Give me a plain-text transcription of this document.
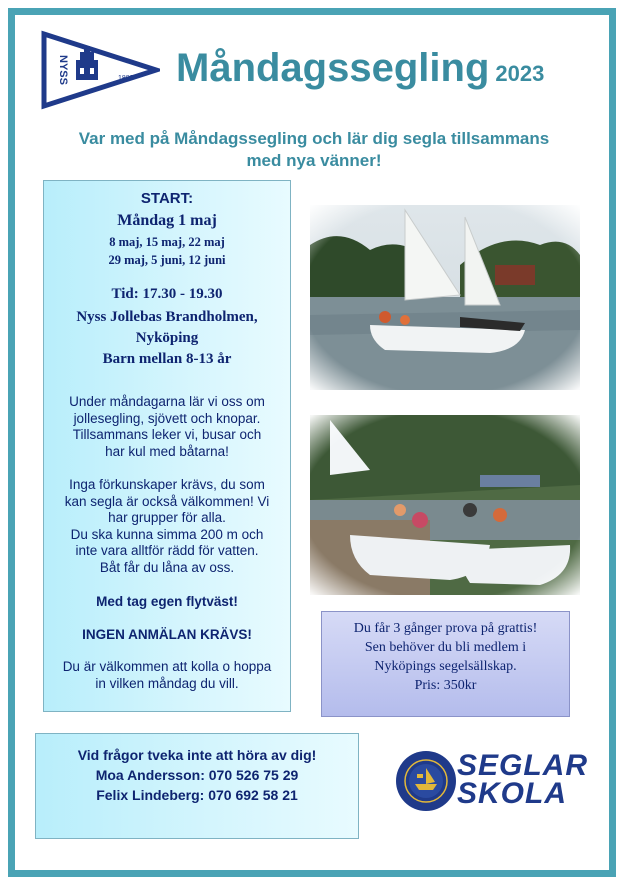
NYSS	1889 Måndagssegling 2023
Var med på Måndagssegling och lär dig segla tillsammans
med nya vänner!
START:
Måndag 1 maj
8 maj, 15 maj, 22 maj
29 maj, 5 juni, 12 juni
Tid: 17.30 - 19.30
Nyss Jollebas Brandholmen,
Nyköping
Barn mellan 8-13 år
Under måndagarna lär vi oss om
jollesegling, sjövett och knopar.
Tillsammans leker vi, busar och
har kul med båtarna!
Inga förkunskaper krävs, du som
kan segla är också välkommen! Vi
har grupper för alla.
Du ska kunna simma 200 m och
inte vara alltför rädd för vatten.
Båt får du låna av oss.
Med tag egen flytväst!
INGEN ANMÄLAN KRÄVS!
Du är välkommen att kolla o hoppa
in vilken måndag du vill.
Du får 3 gånger prova på grattis!
Sen behöver du bli medlem i
Nyköpings segelsällskap.
Pris: 350kr
Vid frågor tveka inte att höra av dig!
Moa Andersson: 070 526 75 29
Felix Lindeberg: 070 692 58 21
SEGLAR
SKOLA
